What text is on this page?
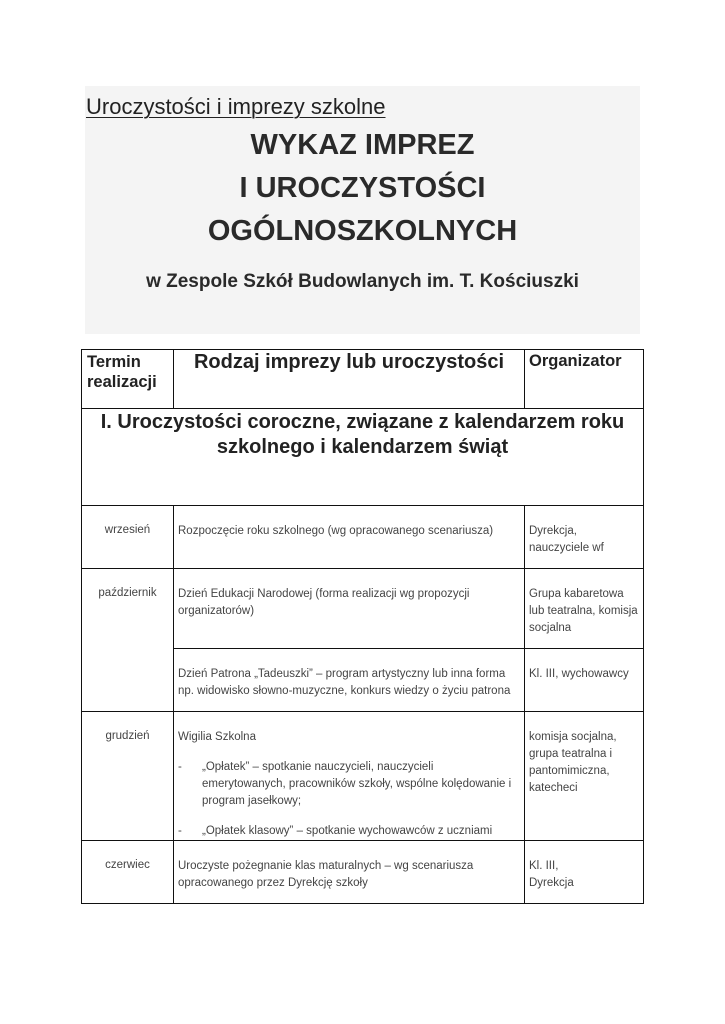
Uroczystości i imprezy szkolne
WYKAZ IMPREZ
I UROCZYSTOŚCI
OGÓLNOSZKOLNYCH
w Zespole Szkół Budowlanych im. T. Kościuszki
Termin realizacji	Rodzaj imprezy lub uroczystości	Organizator
I. Uroczystości coroczne, związane z kalendarzem roku szkolnego i kalendarzem świąt		
wrzesień	Rozpoczęcie roku szkolnego (wg opracowanego scenariusza)	Dyrekcja, nauczyciele wf
październik	Dzień Edukacji Narodowej (forma realizacji wg propozycji organizatorów)	Grupa kabaretowa lub teatralna, komisja socjalna
	Dzień Patrona „Tadeuszki” – program artystyczny lub inna forma np. widowisko słowno-muzyczne, konkurs wiedzy o życiu patrona	Kl. III, wychowawcy
grudzień	Wigilia Szkolna
- „Opłatek” – spotkanie nauczycieli, nauczycieli emerytowanych, pracowników szkoły, wspólne kolędowanie i program jasełkowy;
- „Opłatek klasowy” – spotkanie wychowawców z uczniami	komisja socjalna, grupa teatralna i pantomimiczna, katecheci
czerwiec	Uroczyste pożegnanie klas maturalnych – wg scenariusza opracowanego przez Dyrekcję szkoły	Kl. III,
Dyrekcja
